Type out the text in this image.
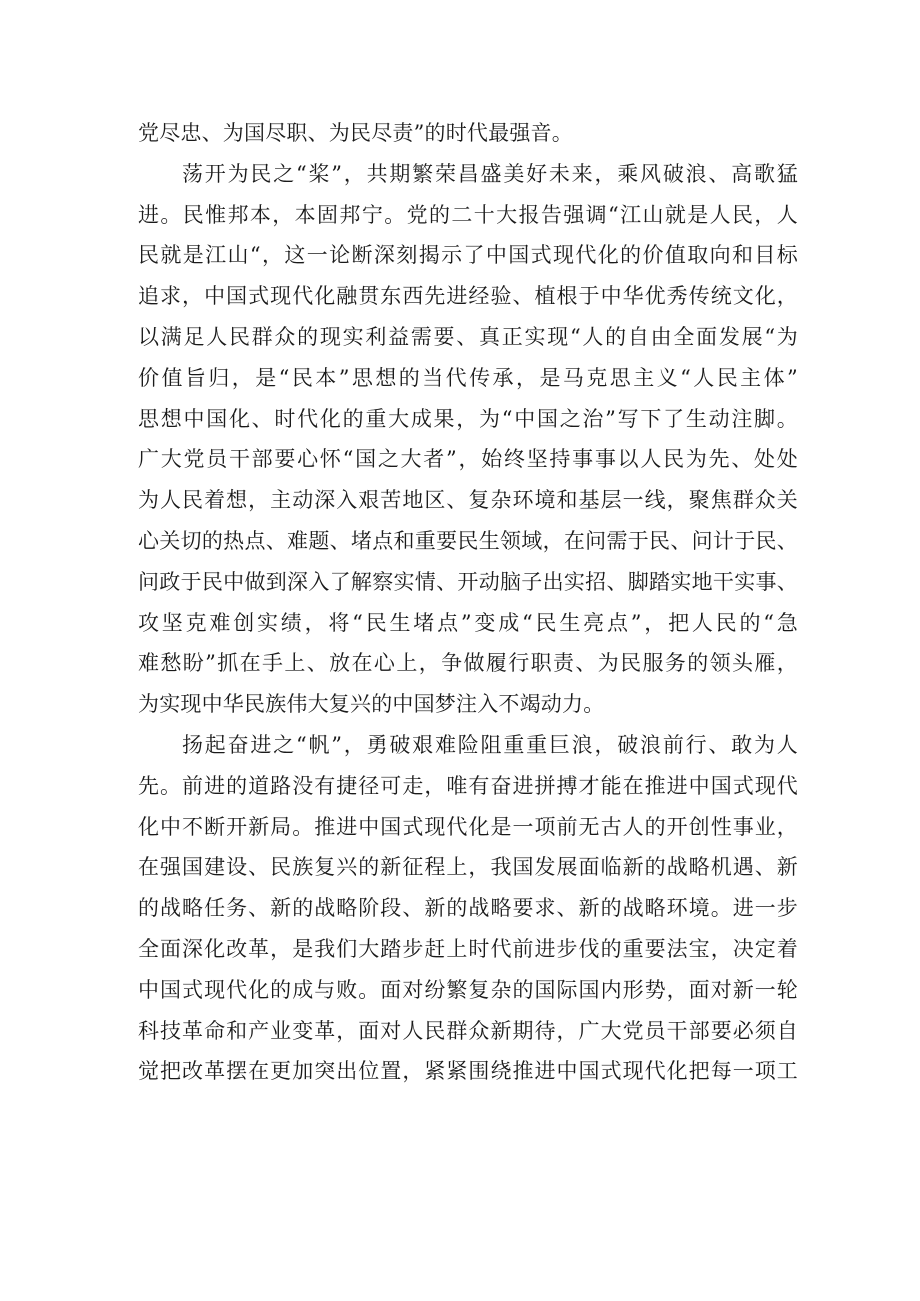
党尽忠、为国尽职、为民尽责”的时代最强音。
荡开为民之“桨”，共期繁荣昌盛美好未来，乘风破浪、高歌猛
进。民惟邦本，本固邦宁。党的二十大报告强调“江山就是人民，人
民就是江山“，这一论断深刻揭示了中国式现代化的价值取向和目标
追求，中国式现代化融贯东西先进经验、植根于中华优秀传统文化，
以满足人民群众的现实利益需要、真正实现“人的自由全面发展“为
价值旨归，是“民本”思想的当代传承，是马克思主义“人民主体”
思想中国化、时代化的重大成果，为“中国之治”写下了生动注脚。
广大党员干部要心怀“国之大者”，始终坚持事事以人民为先、处处
为人民着想，主动深入艰苦地区、复杂环境和基层一线，聚焦群众关
心关切的热点、难题、堵点和重要民生领域，在问需于民、问计于民、
问政于民中做到深入了解察实情、开动脑子出实招、脚踏实地干实事、
攻坚克难创实绩，将“民生堵点”变成“民生亮点”，把人民的“急
难愁盼”抓在手上、放在心上，争做履行职责、为民服务的领头雁，
为实现中华民族伟大复兴的中国梦注入不竭动力。
扬起奋进之“帆”，勇破艰难险阻重重巨浪，破浪前行、敢为人
先。前进的道路没有捷径可走，唯有奋进拼搏才能在推进中国式现代
化中不断开新局。推进中国式现代化是一项前无古人的开创性事业，
在强国建设、民族复兴的新征程上，我国发展面临新的战略机遇、新
的战略任务、新的战略阶段、新的战略要求、新的战略环境。进一步
全面深化改革，是我们大踏步赶上时代前进步伐的重要法宝，决定着
中国式现代化的成与败。面对纷繁复杂的国际国内形势，面对新一轮
科技革命和产业变革，面对人民群众新期待，广大党员干部要必须自
觉把改革摆在更加突出位置，紧紧围绕推进中国式现代化把每一项工
